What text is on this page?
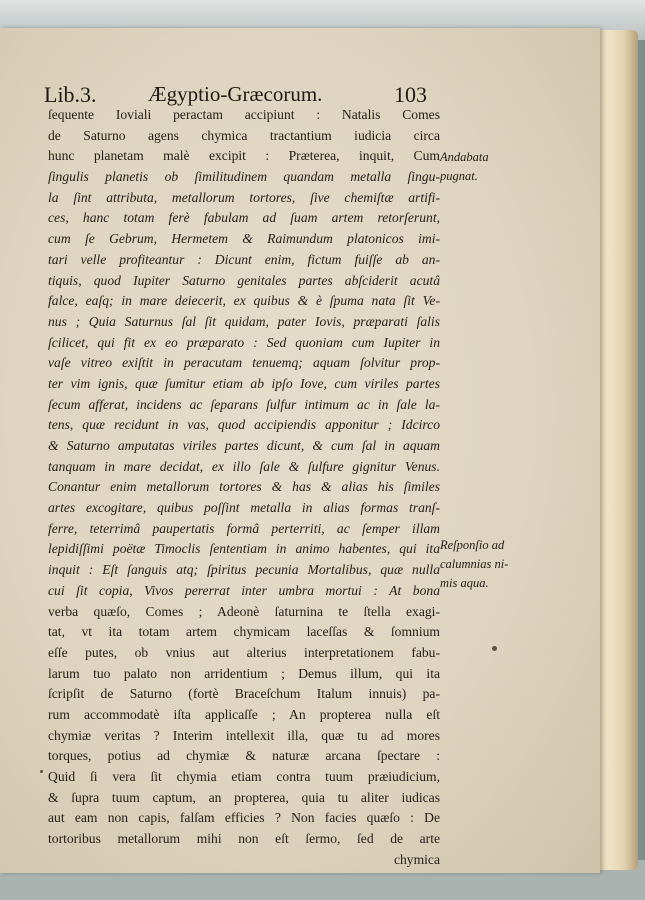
Lib.3. Ægyptio-Græcorum.	103
ſequente Ioviali peractam accipiunt : Natalis Comes
de Saturno agens chymica tractantium iudicia circa
hunc planetam malè excipit : Præterea, inquit, Cum
ſingulis planetis ob ſimilitudinem quandam metalla ſingu-
la ſint attributa, metallorum tortores, ſive chemiſtæ artifi-
ces, hanc totam ferè fabulam ad ſuam artem retorſerunt,
cum ſe Gebrum, Hermetem & Raimundum platonicos imi-
tari velle profiteantur : Dicunt enim, fictum fuiſſe ab an-
tiquis, quod Iupiter Saturno genitales partes abſciderit acutâ
falce, eaſq; in mare deiecerit, ex quibus & è ſpuma nata ſit Ve-
nus ; Quia Saturnus ſal ſit quidam, pater Iovis, præparati ſalis
ſcilicet, qui fit ex eo præparato : Sed quoniam cum Iupiter in
vaſe vitreo exiſtit in peracutam tenuemq; aquam ſolvitur prop-
ter vim ignis, quæ ſumitur etiam ab ipſo Iove, cum viriles partes
ſecum afferat, incidens ac ſeparans ſulfur intimum ac in ſale la-
tens, quæ recidunt in vas, quod accipiendis apponitur ; Idcirco
& Saturno amputatas viriles partes dicunt, & cum ſal in aquam
tanquam in mare decidat, ex illo ſale & ſulfure gignitur Venus.
Conantur enim metallorum tortores & has & alias his ſimiles
artes excogitare, quibus poſſint metalla in alias formas tranſ-
ferre, teterrimâ paupertatis formâ perterriti, ac ſemper illam
lepidiſſimi poëtæ Timoclis ſententiam in animo habentes, qui ita
inquit : Eſt ſanguis atq; ſpiritus pecunia Mortalibus, quæ nulla
cui ſit copia, Vivos pererrat inter umbra mortui : At bona
verba quæſo, Comes ; Adeonè ſaturnina te ſtella exagi-
tat, vt ita totam artem chymicam laceſſas & ſomnium
eſſe putes, ob vnius aut alterius interpretationem fabu-
larum tuo palato non arridentium ; Demus illum, qui ita
ſcripſit de Saturno (fortè Braceſchum Italum innuis) pa-
rum accommodatè iſta applicaſſe ; An propterea nulla eſt
chymiæ veritas ? Interim intellexit illa, quæ tu ad mores
torques, potius ad chymiæ & naturæ arcana ſpectare :
Quid ſi vera ſit chymia etiam contra tuum præiudicium,
& ſupra tuum captum, an propterea, quia tu aliter iudicas
aut eam non capis, falſam efficies ? Non facies quæſo : De
tortoribus metallorum mihi non eſt ſermo, ſed de arte
chymica
Andabata
pugnat.
Reſponſio ad
calumnias ni-
mis aqua.
